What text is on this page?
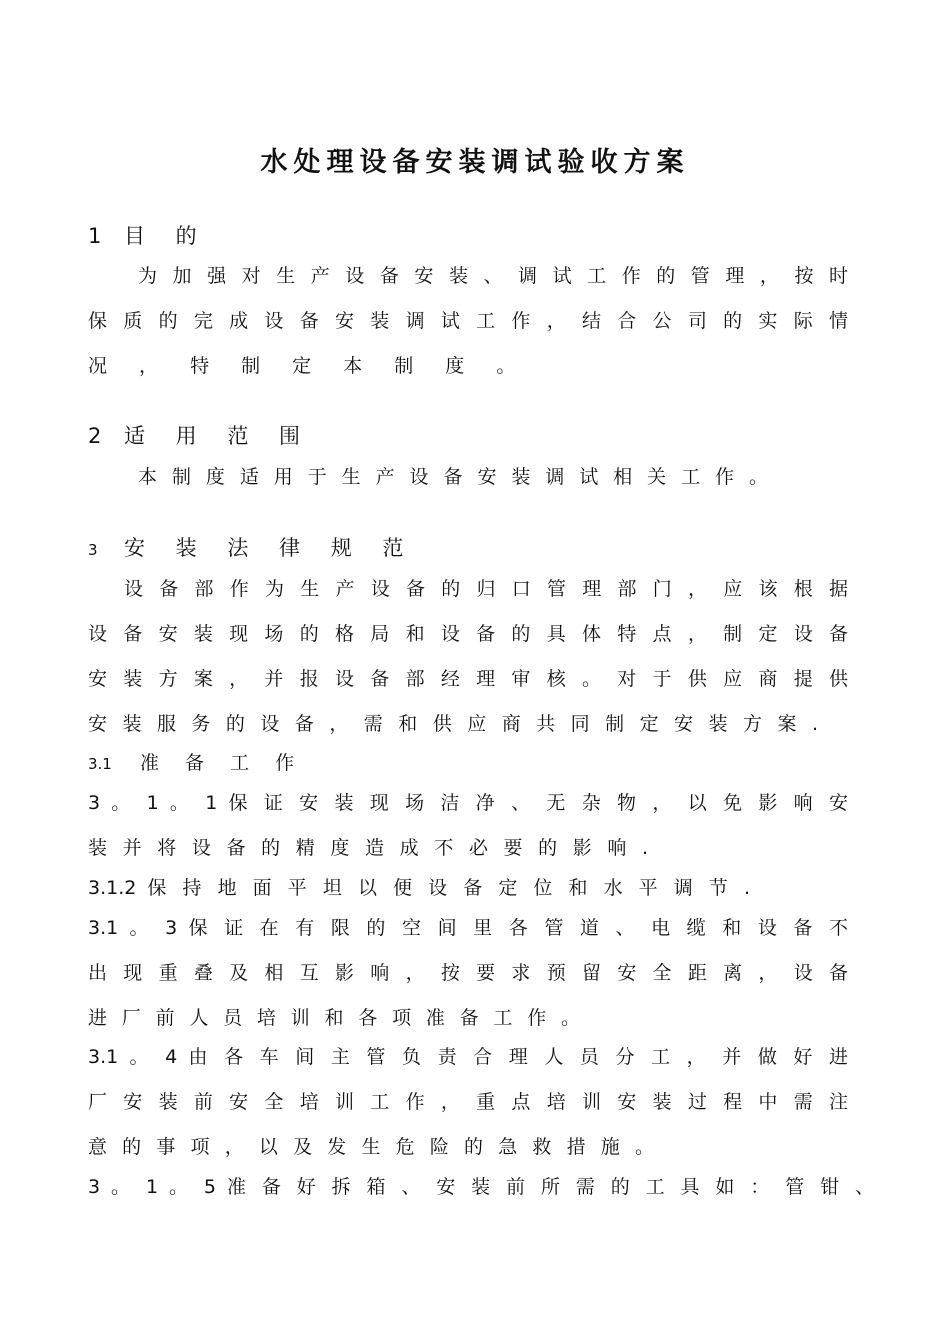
水处理设备安装调试验收方案
1 目 的
为 加 强 对 生 产 设 备 安 装 、 调 试 工 作 的 管 理 ， 按 时
保 质 的 完 成 设 备 安 装 调 试 工 作 ， 结 合 公 司 的 实 际 情
况 ， 特 制 定 本 制 度 。
2 适 用 范 围
本 制 度 适 用 于 生 产 设 备 安 装 调 试 相 关 工 作 。
3 安 装 法 律 规 范
设 备 部 作 为 生 产 设 备 的 归 口 管 理 部 门 ， 应 该 根 据
设 备 安 装 现 场 的 格 局 和 设 备 的 具 体 特 点 ， 制 定 设 备
安 装 方 案 ， 并 报 设 备 部 经 理 审 核 。 对 于 供 应 商 提 供
安 装 服 务 的 设 备 ， 需 和 供 应 商 共 同 制 定 安 装 方 案 .
3.1 准 备 工 作
3 。 1 。 1 保 证 安 装 现 场 洁 净 、 无 杂 物 ， 以 免 影 响 安
装 并 将 设 备 的 精 度 造 成 不 必 要 的 影 响 .
3.1.2 保 持 地 面 平 坦 以 便 设 备 定 位 和 水 平 调 节 .
3.1 。 3 保 证 在 有 限 的 空 间 里 各 管 道 、 电 缆 和 设 备 不
出 现 重 叠 及 相 互 影 响 ， 按 要 求 预 留 安 全 距 离 ， 设 备
进 厂 前 人 员 培 训 和 各 项 准 备 工 作 。
3.1 。 4 由 各 车 间 主 管 负 责 合 理 人 员 分 工 ， 并 做 好 进
厂 安 装 前 安 全 培 训 工 作 ， 重 点 培 训 安 装 过 程 中 需 注
意 的 事 项 ， 以 及 发 生 危 险 的 急 救 措 施 。
3 。 1 。 5 准 备 好 拆 箱 、 安 装 前 所 需 的 工 具 如 ： 管 钳 、
